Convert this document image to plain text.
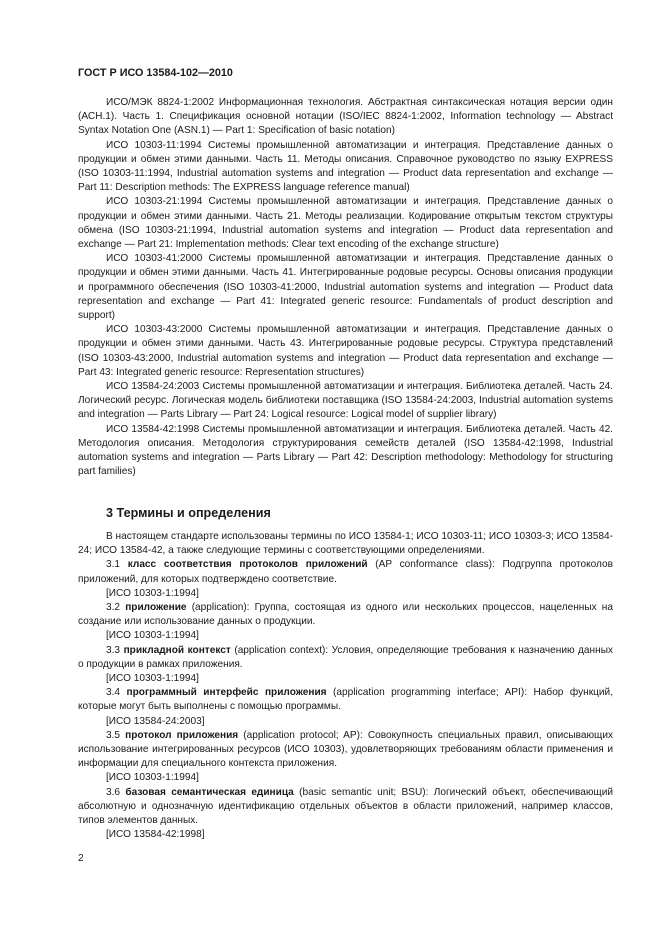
ГОСТ Р ИСО 13584-102—2010

ИСО/МЭК 8824-1:2002 Информационная технология. Абстрактная синтаксическая нотация версии один (АСН.1). Часть 1. Спецификация основной нотации (ISO/IEC 8824-1:2002, Information technology — Abstract Syntax Notation One (ASN.1) — Part 1: Specification of basic notation)

ИСО 10303-11:1994 Системы промышленной автоматизации и интеграция. Представление данных о продукции и обмен этими данными. Часть 11. Методы описания. Справочное руководство по языку EXPRESS (ISO 10303-11:1994, Industrial automation systems and integration — Product data representation and exchange — Part 11: Description methods: The EXPRESS language reference manual)

ИСО 10303-21:1994 Системы промышленной автоматизации и интеграция. Представление данных о продукции и обмен этими данными. Часть 21. Методы реализации. Кодирование открытым текстом структуры обмена (ISO 10303-21:1994, Industrial automation systems and integration — Product data representation and exchange — Part 21: Implementation methods: Clear text encoding of the exchange structure)

ИСО 10303-41:2000 Системы промышленной автоматизации и интеграция. Представление данных о продукции и обмен этими данными. Часть 41. Интегрированные родовые ресурсы. Основы описания продукции и программного обеспечения (ISO 10303-41:2000, Industrial automation systems and integration — Product data representation and exchange — Part 41: Integrated generic resource: Fundamentals of product description and support)

ИСО 10303-43:2000 Системы промышленной автоматизации и интеграция. Представление данных о продукции и обмен этими данными. Часть 43. Интегрированные родовые ресурсы. Структура представлений (ISO 10303-43:2000, Industrial automation systems and integration — Product data representation and exchange — Part 43: Integrated generic resource: Representation structures)

ИСО 13584-24:2003 Системы промышленной автоматизации и интеграция. Библиотека деталей. Часть 24. Логический ресурс. Логическая модель библиотеки поставщика (ISO 13584-24:2003, Industrial automation systems and integration — Parts Library — Part 24: Logical resource: Logical model of supplier library)

ИСО 13584-42:1998 Системы промышленной автоматизации и интеграция. Библиотека деталей. Часть 42. Методология описания. Методология структурирования семейств деталей (ISO 13584-42:1998, Industrial automation systems and integration — Parts Library — Part 42: Description methodology: Methodology for structuring part families)

3 Термины и определения

В настоящем стандарте использованы термины по ИСО 13584-1; ИСО 10303-11; ИСО 10303-3; ИСО 13584-24; ИСО 13584-42, а также следующие термины с соответствующими определениями.

3.1 класс соответствия протоколов приложений (AP conformance class): Подгруппа протоколов приложений, для которых подтверждено соответствие.

[ИСО 10303-1:1994]

3.2 приложение (application): Группа, состоящая из одного или нескольких процессов, нацеленных на создание или использование данных о продукции.

[ИСО 10303-1:1994]

3.3 прикладной контекст (application context): Условия, определяющие требования к назначению данных о продукции в рамках приложения.

[ИСО 10303-1:1994]

3.4 программный интерфейс приложения (application programming interface; API): Набор функций, которые могут быть выполнены с помощью программы.

[ИСО 13584-24:2003]

3.5 протокол приложения (application protocol; AP): Совокупность специальных правил, описывающих использование интегрированных ресурсов (ИСО 10303), удовлетворяющих требованиям области применения и информации для специального контекста приложения.

[ИСО 10303-1:1994]

3.6 базовая семантическая единица (basic semantic unit; BSU): Логический объект, обеспечивающий абсолютную и однозначную идентификацию отдельных объектов в области приложений, например классов, типов элементов данных.

[ИСО 13584-42:1998]

2
